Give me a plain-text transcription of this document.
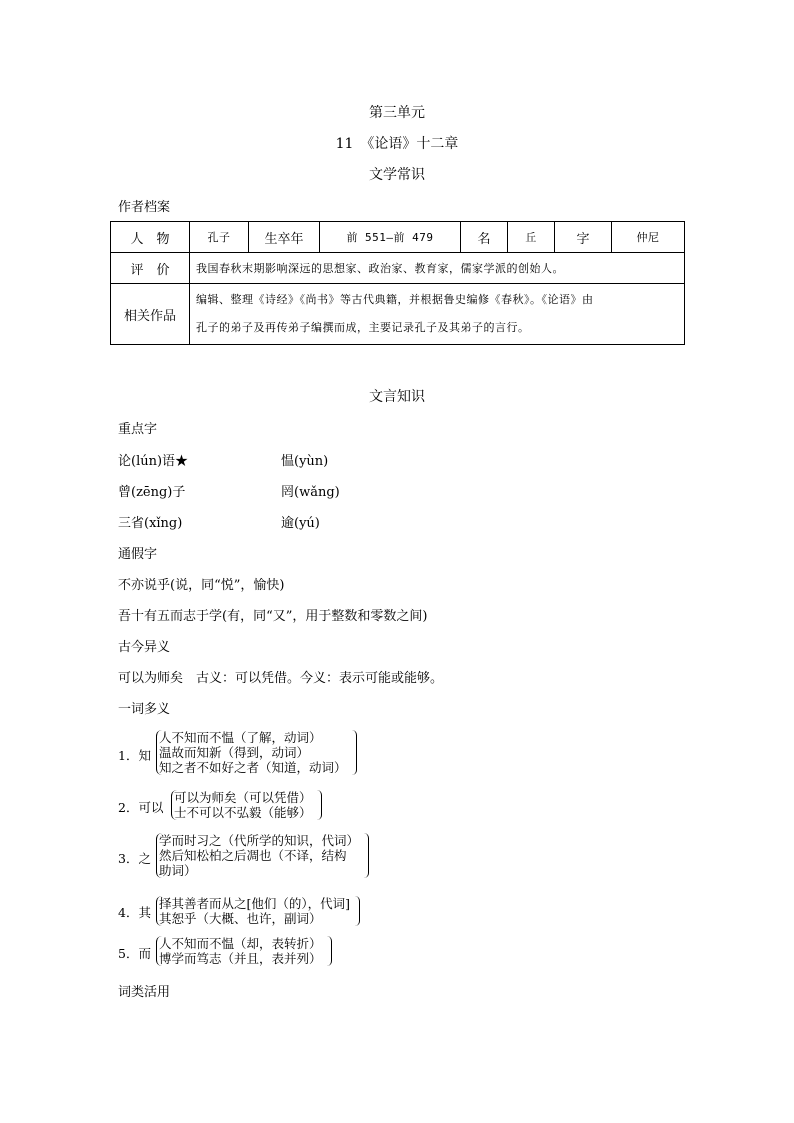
第三单元
11　《论语》十二章
文学常识
作者档案
人　物	孔子	生卒年	前 551—前 479	名	丘	字	仲尼
评　价	我国春秋末期影响深远的思想家、政治家、教育家，儒家学派的创始人。						
相关作品	编辑、整理《诗经》《尚书》等古代典籍，并根据鲁史编修《春秋》。《论语》由
孔子的弟子及再传弟子编撰而成，主要记录孔子及其弟子的言行。						
文言知识
重点字
论(lún)语★	愠(yùn)
曾(zēng)子	罔(wǎng)
三省(xǐng)	逾(yú)
通假字
不亦说乎(说，同“悦”，愉快)
吾十有五而志于学(有，同“又”，用于整数和零数之间)
古今异义
可以为师矣　古义：可以凭借。今义：表示可能或能够。
一词多义
1．知
人不知而不愠（了解，动词）
温故而知新（得到，动词）
知之者不如好之者（知道，动词）
2．可以
可以为师矣（可以凭借）
士不可以不弘毅（能够）
3．之
学而时习之（代所学的知识，代词）
然后知松柏之后凋也（不译，结构
助词）
4．其
择其善者而从之[他们（的），代词]
其恕乎（大概、也许，副词）
5．而
人不知而不愠（却，表转折）
博学而笃志（并且，表并列）
词类活用
